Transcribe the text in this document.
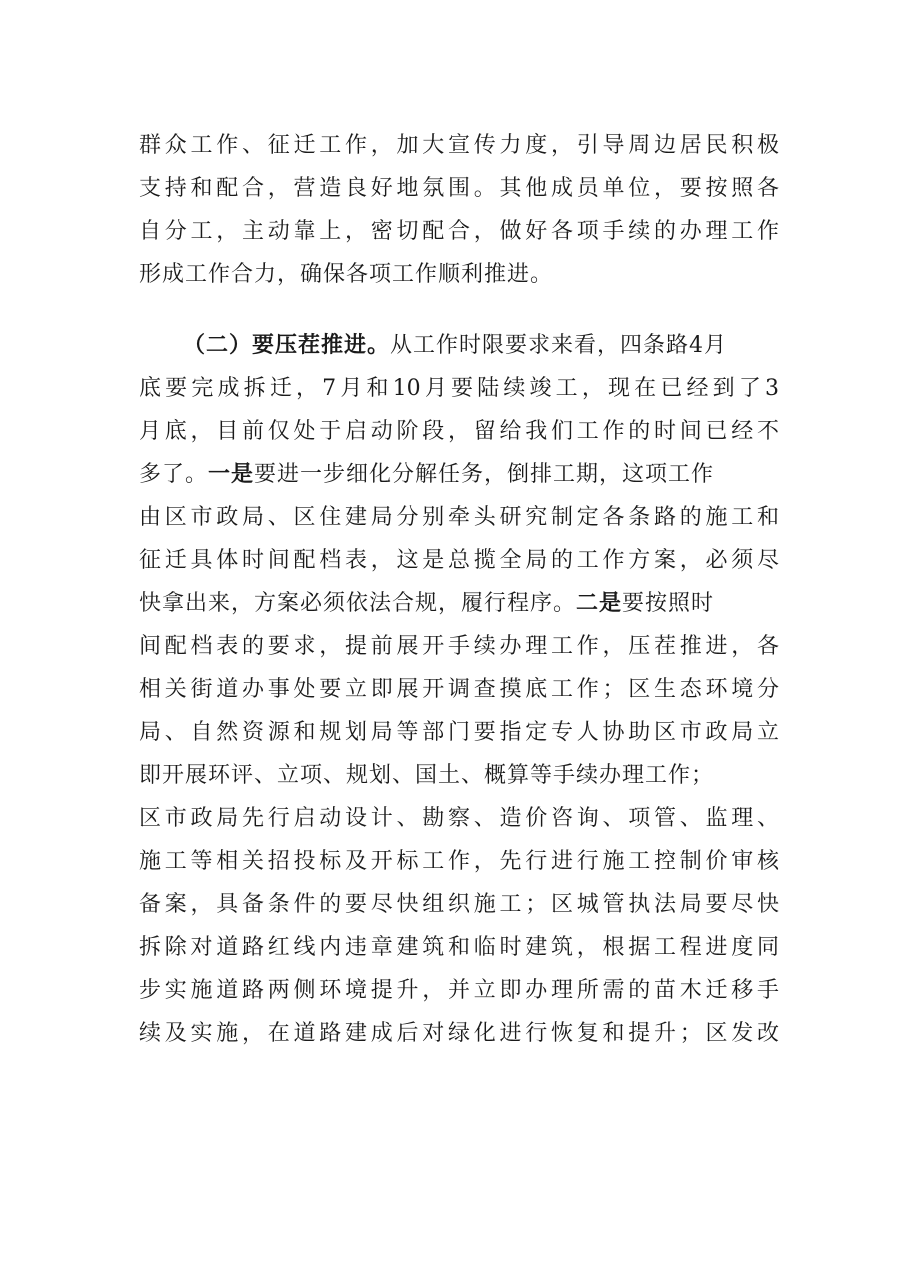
群众工作、征迁工作，加大宣传力度，引导周边居民积极
支持和配合，营造良好地氛围。其他成员单位，要按照各
自分工，主动靠上，密切配合，做好各项手续的办理工作
形成工作合力，确保各项工作顺利推进。
（二）要压茬推进。从工作时限要求来看，四条路4月
底要完成拆迁，7月和10月要陆续竣工，现在已经到了3
月底，目前仅处于启动阶段，留给我们工作的时间已经不
多了。一是要进一步细化分解任务，倒排工期，这项工作
由区市政局、区住建局分别牵头研究制定各条路的施工和
征迁具体时间配档表，这是总揽全局的工作方案，必须尽
快拿出来，方案必须依法合规，履行程序。二是要按照时
间配档表的要求，提前展开手续办理工作，压茬推进，各
相关街道办事处要立即展开调查摸底工作；区生态环境分
局、自然资源和规划局等部门要指定专人协助区市政局立
即开展环评、立项、规划、国土、概算等手续办理工作；
区市政局先行启动设计、勘察、造价咨询、项管、监理、
施工等相关招投标及开标工作，先行进行施工控制价审核
备案，具备条件的要尽快组织施工；区城管执法局要尽快
拆除对道路红线内违章建筑和临时建筑，根据工程进度同
步实施道路两侧环境提升，并立即办理所需的苗木迁移手
续及实施，在道路建成后对绿化进行恢复和提升；区发改
